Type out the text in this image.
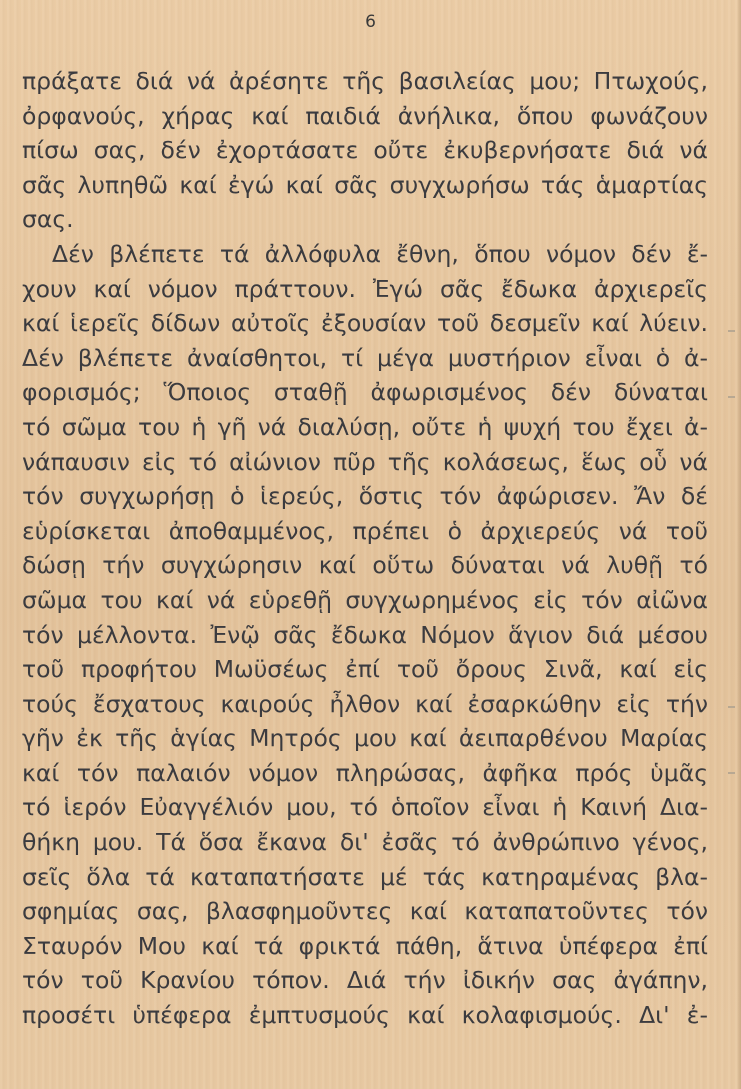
6
πράξατε διά νά ἀρέσητε τῆς βασιλείας μου; Πτωχούς,
ὀρφανούς, χήρας καί παιδιά ἀνήλικα, ὅπου φωνάζουν
πίσω σας, δέν ἐχορτάσατε οὔτε ἐκυβερνήσατε διά νά
σᾶς λυπηθῶ καί ἐγώ καί σᾶς συγχωρήσω τάς ἁμαρτίας
σας.
Δέν βλέπετε τά ἀλλόφυλα ἔθνη, ὅπου νόμον δέν ἔ-
χουν καί νόμον πράττουν. Ἐγώ σᾶς ἔδωκα ἀρχιερεῖς
καί ἱερεῖς δίδων αὐτοῖς ἐξουσίαν τοῦ δεσμεῖν καί λύειν.
Δέν βλέπετε ἀναίσθητοι, τί μέγα μυστήριον εἶναι ὁ ἀ-
φορισμός; Ὅποιος σταθῇ ἀφωρισμένος δέν δύναται
τό σῶμα του ἡ γῆ νά διαλύσῃ, οὔτε ἡ ψυχή του ἔχει ἀ-
νάπαυσιν εἰς τό αἰώνιον πῦρ τῆς κολάσεως, ἕως οὗ νά
τόν συγχωρήσῃ ὁ ἱερεύς, ὅστις τόν ἀφώρισεν. Ἄν δέ
εὑρίσκεται ἀποθαμμένος, πρέπει ὁ ἀρχιερεύς νά τοῦ
δώσῃ τήν συγχώρησιν καί οὕτω δύναται νά λυθῇ τό
σῶμα του καί νά εὑρεθῇ συγχωρημένος εἰς τόν αἰῶνα
τόν μέλλοντα. Ἐνῷ σᾶς ἔδωκα Νόμον ἅγιον διά μέσου
τοῦ προφήτου Μωϋσέως ἐπί τοῦ ὄρους Σινᾶ, καί εἰς
τούς ἔσχατους καιρούς ἦλθον καί ἐσαρκώθην εἰς τήν
γῆν ἐκ τῆς ἁγίας Μητρός μου καί ἀειπαρθένου Μαρίας
καί τόν παλαιόν νόμον πληρώσας, ἀφῆκα πρός ὑμᾶς
τό ἱερόν Εὐαγγέλιόν μου, τό ὁποῖον εἶναι ἡ Καινή Δια-
θήκη μου. Τά ὅσα ἔκανα δι' ἐσᾶς τό ἀνθρώπινο γένος,
σεῖς ὅλα τά καταπατήσατε μέ τάς κατηραμένας βλα-
σφημίας σας, βλασφημοῦντες καί καταπατοῦντες τόν
Σταυρόν Μου καί τά φρικτά πάθη, ἅτινα ὑπέφερα ἐπί
τόν τοῦ Κρανίου τόπον. Διά τήν ἰδικήν σας ἀγάπην,
προσέτι ὑπέφερα ἐμπτυσμούς καί κολαφισμούς. Δι' ἐ-
